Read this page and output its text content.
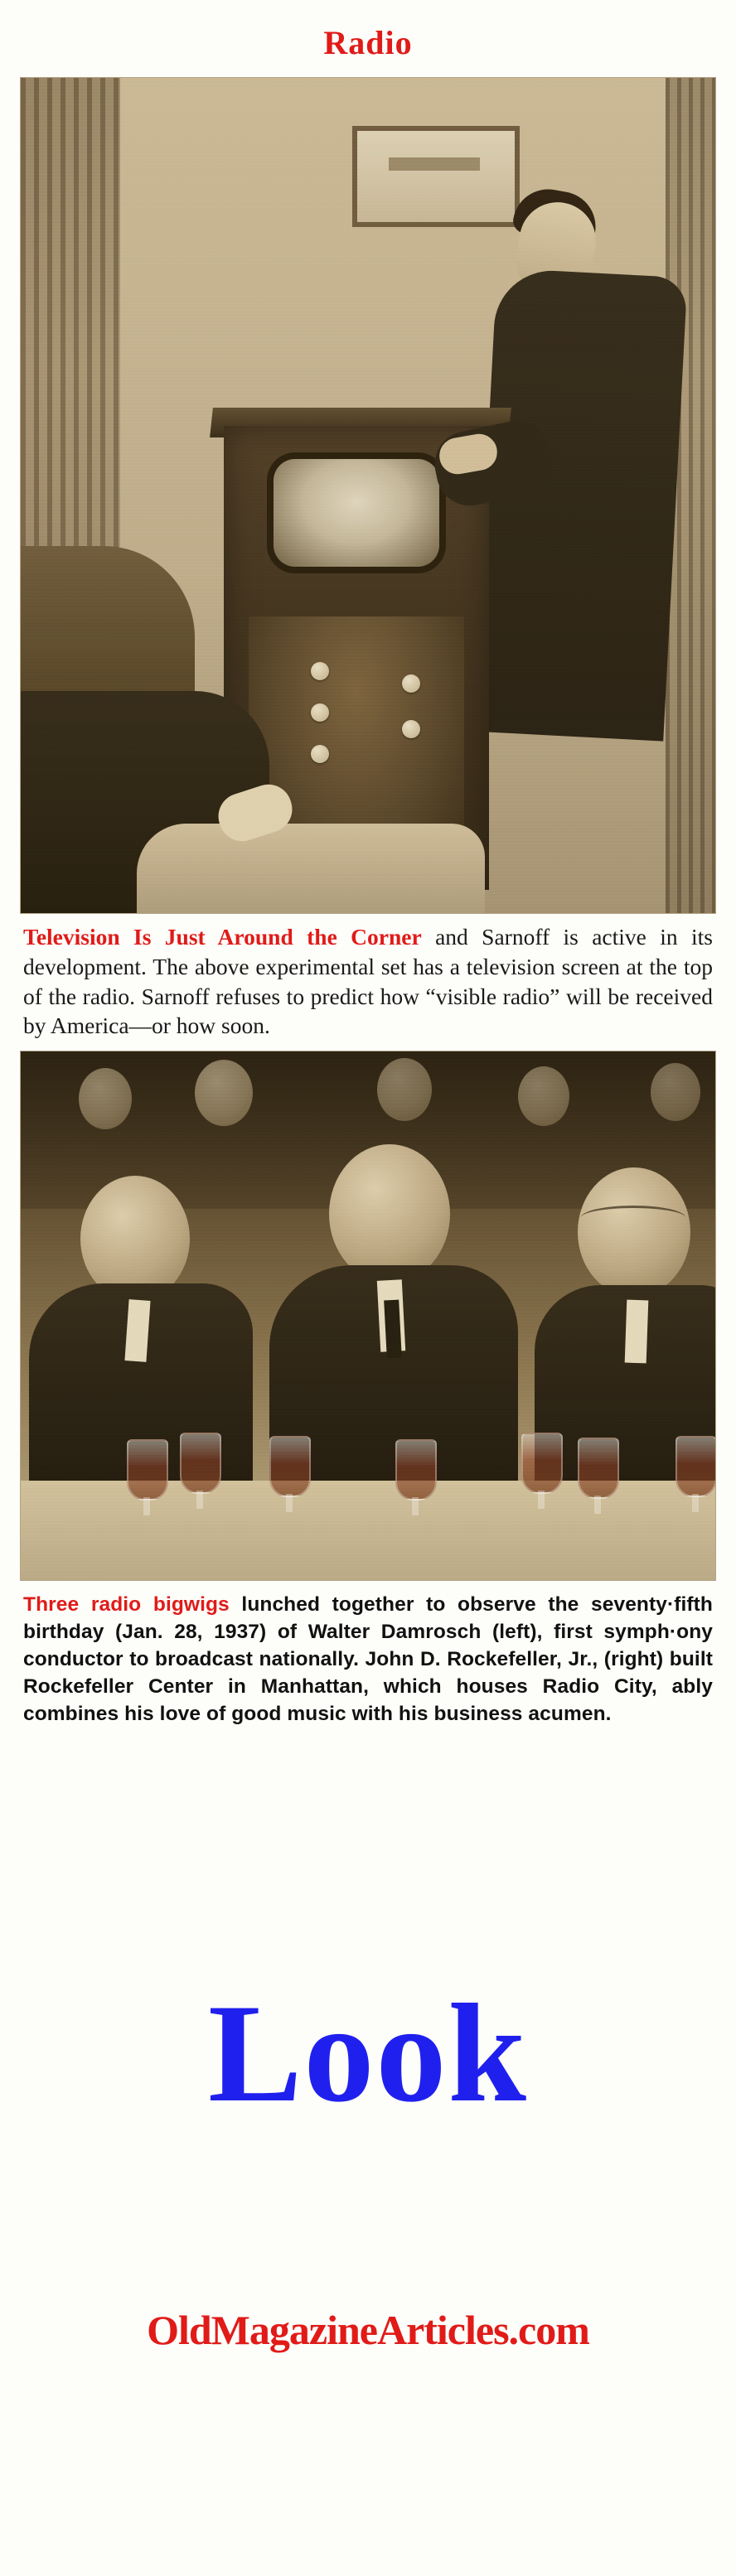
Radio
Television Is Just Around the Corner and Sarnoff is active in its development. The above experimental set has a television screen at the top of the radio. Sarnoff refuses to predict how “visible radio” will be received by America—or how soon.
Three radio bigwigs lunched together to observe the seventy·fifth birthday (Jan. 28, 1937) of Walter Damrosch (left), first symph·ony conductor to broadcast nationally. John D. Rockefeller, Jr., (right) built Rockefeller Center in Manhattan, which houses Radio City, ably combines his love of good music with his business acumen.
Look
OldMagazineArticles.com
